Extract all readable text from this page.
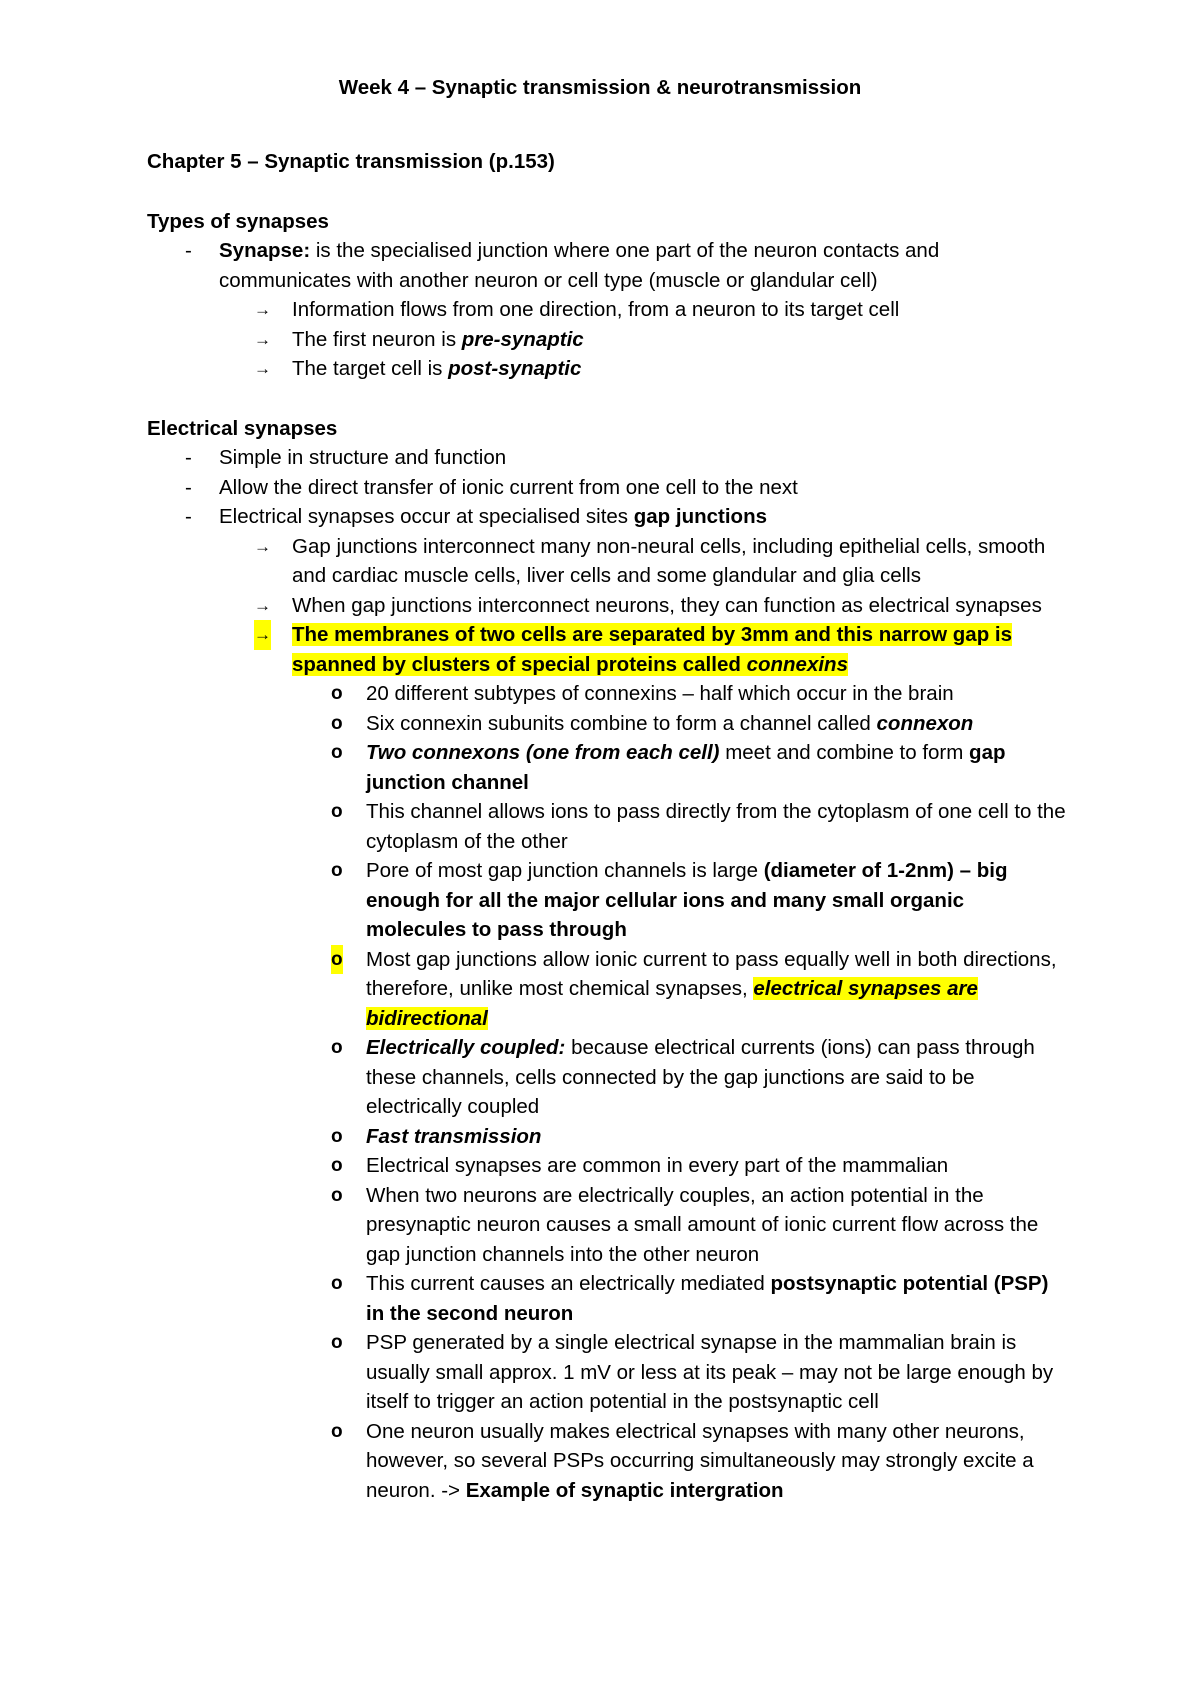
Week 4 – Synaptic transmission & neurotransmission

Chapter 5 – Synaptic transmission (p.153)

Types of synapses

- Synapse: is the specialised junction where one part of the neuron contacts and communicates with another neuron or cell type (muscle or glandular cell)
→ Information flows from one direction, from a neuron to its target cell
→ The first neuron is pre-synaptic
→ The target cell is post-synaptic

Electrical synapses

- Simple in structure and function
- Allow the direct transfer of ionic current from one cell to the next
- Electrical synapses occur at specialised sites gap junctions
→ Gap junctions interconnect many non-neural cells, including epithelial cells, smooth and cardiac muscle cells, liver cells and some glandular and glia cells
→ When gap junctions interconnect neurons, they can function as electrical synapses
→ The membranes of two cells are separated by 3mm and this narrow gap is spanned by clusters of special proteins called connexins
o 20 different subtypes of connexins – half which occur in the brain
o Six connexin subunits combine to form a channel called connexon
o Two connexons (one from each cell) meet and combine to form gap junction channel
o This channel allows ions to pass directly from the cytoplasm of one cell to the cytoplasm of the other
o Pore of most gap junction channels is large (diameter of 1-2nm) – big enough for all the major cellular ions and many small organic molecules to pass through
o Most gap junctions allow ionic current to pass equally well in both directions, therefore, unlike most chemical synapses, electrical synapses are bidirectional
o Electrically coupled: because electrical currents (ions) can pass through these channels, cells connected by the gap junctions are said to be electrically coupled
o Fast transmission
o Electrical synapses are common in every part of the mammalian
o When two neurons are electrically couples, an action potential in the presynaptic neuron causes a small amount of ionic current flow across the gap junction channels into the other neuron
o This current causes an electrically mediated postsynaptic potential (PSP) in the second neuron
o PSP generated by a single electrical synapse in the mammalian brain is usually small approx. 1 mV or less at its peak – may not be large enough by itself to trigger an action potential in the postsynaptic cell
o One neuron usually makes electrical synapses with many other neurons, however, so several PSPs occurring simultaneously may strongly excite a neuron. -> Example of synaptic intergration
